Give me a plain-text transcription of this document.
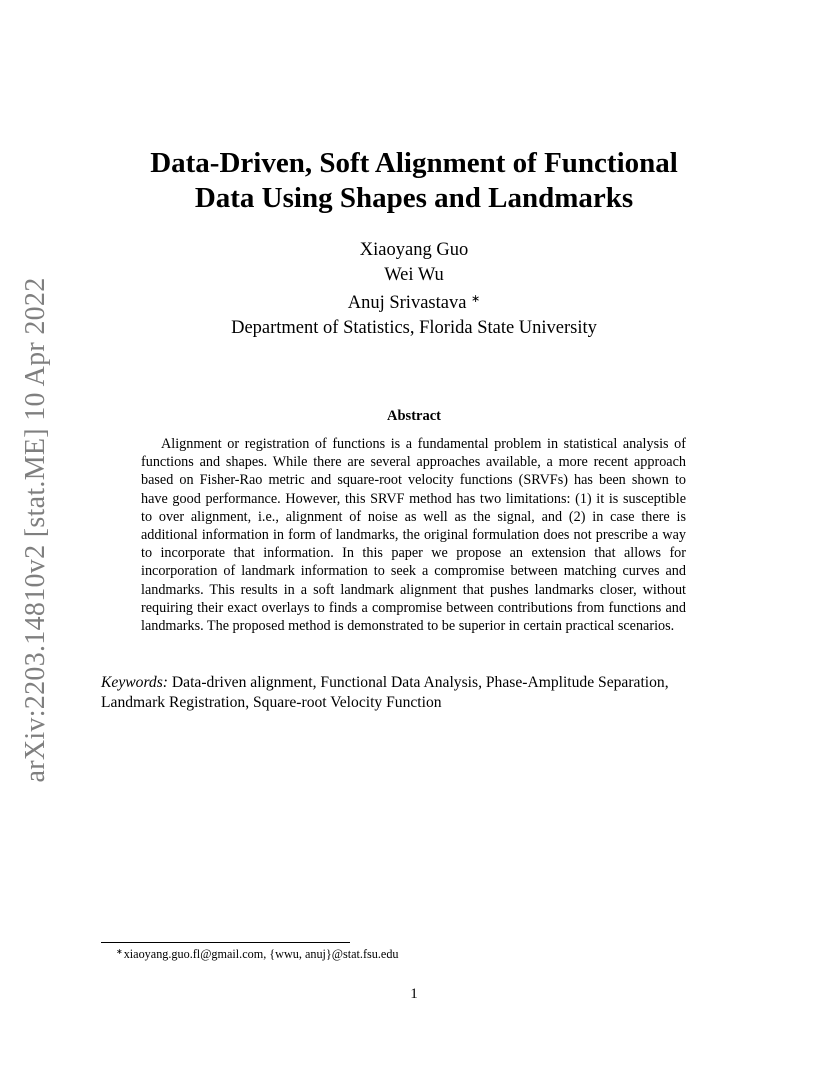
arXiv:2203.14810v2 [stat.ME] 10 Apr 2022
Data-Driven, Soft Alignment of Functional
Data Using Shapes and Landmarks
Xiaoyang Guo
Wei Wu
Anuj Srivastava ∗
Department of Statistics, Florida State University
Abstract

Alignment or registration of functions is a fundamental problem in statistical analysis of functions and shapes. While there are several approaches available, a more recent approach based on Fisher-Rao metric and square-root velocity functions (SRVFs) has been shown to have good performance. However, this SRVF method has two limitations: (1) it is susceptible to over alignment, i.e., alignment of noise as well as the signal, and (2) in case there is additional information in form of landmarks, the original formulation does not prescribe a way to incorporate that information. In this paper we propose an extension that allows for incorporation of landmark information to seek a compromise between matching curves and landmarks. This results in a soft landmark alignment that pushes landmarks closer, without requiring their exact overlays to finds a compromise between contributions from functions and landmarks. The proposed method is demonstrated to be superior in certain practical scenarios.

Keywords: Data-driven alignment, Functional Data Analysis, Phase-Amplitude Separation, Landmark Registration, Square-root Velocity Function

∗xiaoyang.guo.fl@gmail.com, {wwu, anuj}@stat.fsu.edu
1
